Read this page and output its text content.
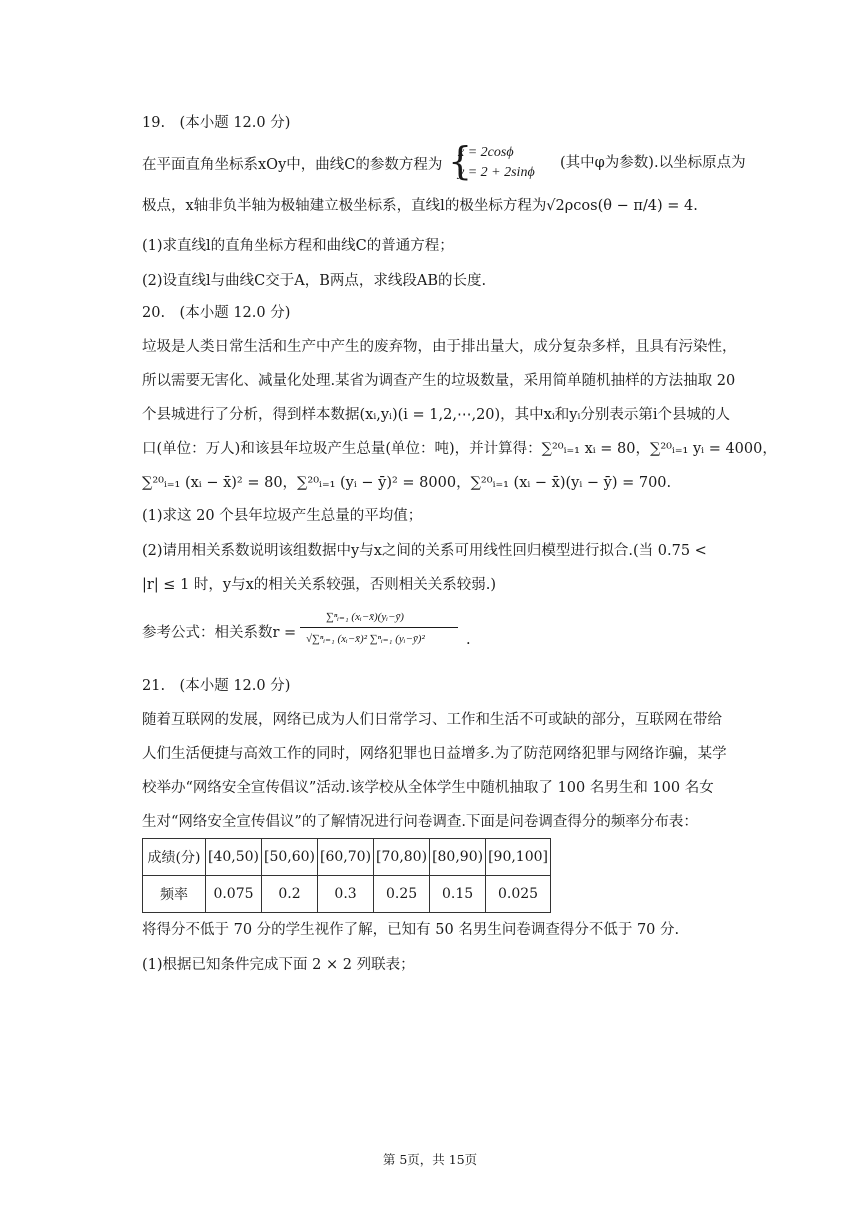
19.　(本小题 12.0 分)
在平面直角坐标系xOy中，曲线C的参数方程为 {
x = 2cosϕ
y = 2 + 2sinϕ
(其中φ为参数).以坐标原点为
极点，x轴非负半轴为极轴建立极坐标系，直线l的极坐标方程为√2ρcos(θ − π/4) = 4.
(1)求直线l的直角坐标方程和曲线C的普通方程；
(2)设直线l与曲线C交于A，B两点，求线段AB的长度.
20.　(本小题 12.0 分)
垃圾是人类日常生活和生产中产生的废弃物，由于排出量大，成分复杂多样，且具有污染性，
所以需要无害化、减量化处理.某省为调查产生的垃圾数量，采用简单随机抽样的方法抽取 20
个县城进行了分析，得到样本数据(xᵢ,yᵢ)(i = 1,2,⋯,20)，其中xᵢ和yᵢ分别表示第i个县城的人
口(单位：万人)和该县年垃圾产生总量(单位：吨)，并计算得：∑²⁰ᵢ₌₁ xᵢ = 80，∑²⁰ᵢ₌₁ yᵢ = 4000，
∑²⁰ᵢ₌₁ (xᵢ − x̄)² = 80，∑²⁰ᵢ₌₁ (yᵢ − ȳ)² = 8000，∑²⁰ᵢ₌₁ (xᵢ − x̄)(yᵢ − ȳ) = 700.
(1)求这 20 个县年垃圾产生总量的平均值；
(2)请用相关系数说明该组数据中y与x之间的关系可用线性回归模型进行拟合.(当 0.75 <
|r| ≤ 1 时，y与x的相关关系较强，否则相关关系较弱.)
参考公式：相关系数r =
∑ⁿᵢ₌₁ (xᵢ−x̄)(yᵢ−ȳ)
√∑ⁿᵢ₌₁ (xᵢ−x̄)² ∑ⁿᵢ₌₁ (yᵢ−ȳ)²	.
21.　(本小题 12.0 分)
随着互联网的发展，网络已成为人们日常学习、工作和生活不可或缺的部分，互联网在带给
人们生活便捷与高效工作的同时，网络犯罪也日益增多.为了防范网络犯罪与网络诈骗，某学
校举办“网络安全宣传倡议”活动.该学校从全体学生中随机抽取了 100 名男生和 100 名女
生对“网络安全宣传倡议”的了解情况进行问卷调查.下面是问卷调查得分的频率分布表：
成绩(分)	[40,50)	[50,60)	[60,70)	[70,80)	[80,90)	[90,100]
频率	0.075	0.2	0.3	0.25	0.15	0.025
将得分不低于 70 分的学生视作了解，已知有 50 名男生问卷调查得分不低于 70 分.
(1)根据已知条件完成下面 2 × 2 列联表；
第 5页，共 15页
